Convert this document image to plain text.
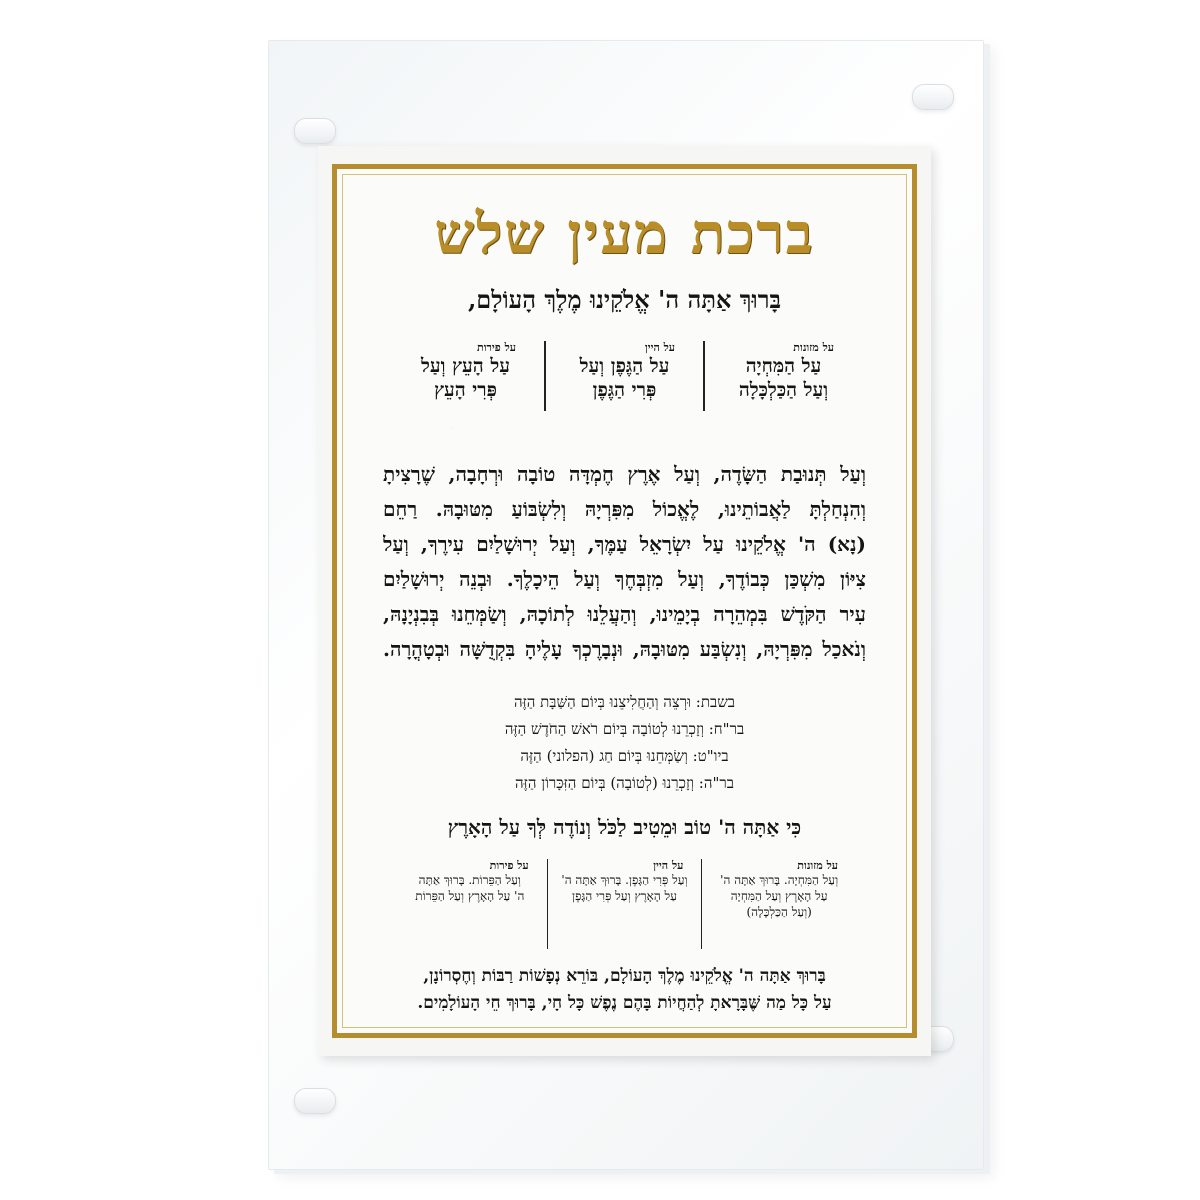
ברכת מעין שלש
בָּרוּךְ אַתָּה ה' אֱלֹקֵינוּ מֶלֶךְ הָעוֹלָם,
על מזונות
עַל הַמִּחְיָה
וְעַל הַכַּלְכָּלָה
על היין
עַל הַגֶּפֶן וְעַל
פְּרִי הַגֶּפֶן
על פירות
עַל הָעֵץ וְעַל
פְּרִי הָעֵץ
וְעַל תְּנוּבַת הַשָּׂדֶה, וְעַל אֶרֶץ חֶמְדָּה טוֹבָה וּרְחָבָה, שֶׁרָצִיתָ
וְהִנְחַלְתָּ לַאֲבוֹתֵינוּ, לֶאֱכוֹל מִפִּרְיָהּ וְלִשְׂבּוֹעַ מִטּוּבָהּ. רַחֵם
(נָא) ה' אֱלֹקֵינוּ עַל יִשְׂרָאֵל עַמֶּךָ, וְעַל יְרוּשָׁלַיִם עִירֶךָ, וְעַל
צִיּוֹן מִשְׁכַּן כְּבוֹדֶךָ, וְעַל מִזְבְּחֶךָ וְעַל הֵיכָלֶךָ. וּבְנֵה יְרוּשָׁלַיִם
עִיר הַקֹּדֶשׁ בִּמְהֵרָה בְיָמֵינוּ, וְהַעֲלֵנוּ לְתוֹכָהּ, וְשַׂמְּחֵנוּ בְּבִנְיָנָהּ,
וְנֹאכַל מִפִּרְיָהּ, וְנִשְׂבַּע מִטּוּבָהּ, וּנְבָרֶכְךָ עָלֶיהָ בִּקְדֻשָּׁה וּבְטָהֳרָה.
בשבת: וּרְצֵה וְהַחֲלִיצֵנוּ בְּיוֹם הַשַּׁבָּת הַזֶּה
בר"ח: וְזָכְרֵנוּ לְטוֹבָה בְּיוֹם רֹאשׁ הַחֹדֶשׁ הַזֶּה
ביו"ט: וְשַׂמְּחֵנוּ בְּיוֹם חַג (הפלוני) הַזֶּה
בר"ה: וְזָכְרֵנוּ (לְטוֹבָה) בְּיוֹם הַזִּכָּרוֹן הַזֶּה
כִּי אַתָּה ה' טוֹב וּמֵטִיב לַכֹּל וְנוֹדֶה לְּךָ עַל הָאָרֶץ
על מזונות
וְעַל הַמִּחְיָה. בָּרוּךְ אַתָּה ה'
עַל הָאָרֶץ וְעַל הַמִּחְיָה
(וְעַל הַכַּלְכָּלָה)
על היין
וְעַל פְּרִי הַגָּפֶן. בָּרוּךְ אַתָּה ה'
עַל הָאָרֶץ וְעַל פְּרִי הַגָּפֶן
על פירות
וְעַל הַפֵּרוֹת. בָּרוּךְ אַתָּה
ה' עַל הָאָרֶץ וְעַל הַפֵּרוֹת
בָּרוּךְ אַתָּה ה' אֱלֹקֵינוּ מֶלֶךְ הָעוֹלָם, בּוֹרֵא נְפָשׁוֹת רַבּוֹת וְחֶסְרוֹנָן,
עַל כָּל מַה שֶּׁבָּרָאתָ לְהַחֲיוֹת בָּהֶם נֶפֶשׁ כָּל חָי, בָּרוּךְ חֵי הָעוֹלָמִים.
